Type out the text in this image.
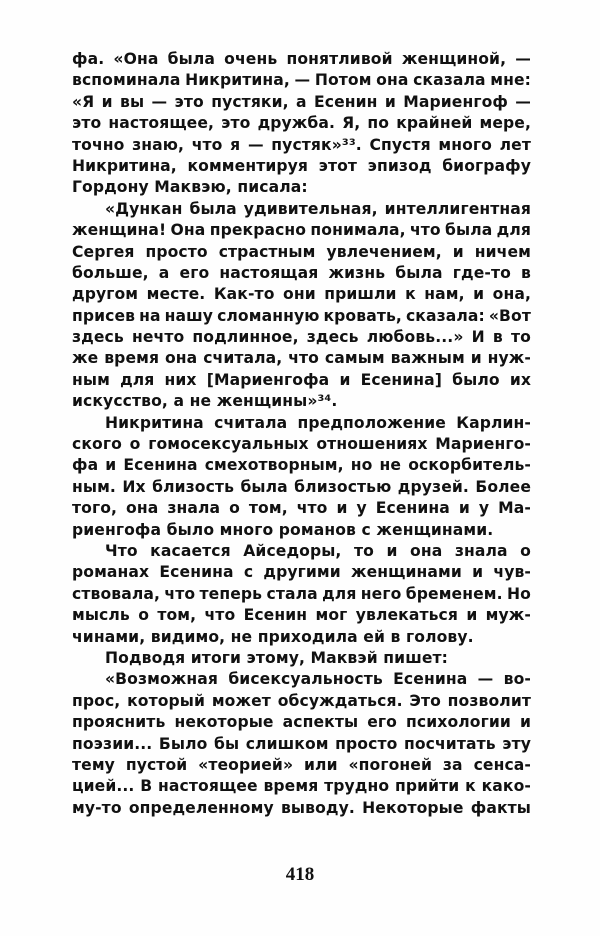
фа. «Она была очень понятливой женщиной, —
вспоминала Никритина, — Потом она сказала мне:
«Я и вы — это пустяки, а Есенин и Мариенгоф —
это настоящее, это дружба. Я, по крайней мере,
точно знаю, что я — пустяк»³³. Спустя много лет
Никритина, комментируя этот эпизод биографу
Гордону Маквэю, писала:
«Дункан была удивительная, интеллигентная
женщина! Она прекрасно понимала, что была для
Сергея просто страстным увлечением, и ничем
больше, а его настоящая жизнь была где-то в
другом месте. Как-то они пришли к нам, и она,
присев на нашу сломанную кровать, сказала: «Вот
здесь нечто подлинное, здесь любовь...» И в то
же время она считала, что самым важным и нуж-
ным для них [Мариенгофа и Есенина] было их
искусство, а не женщины»³⁴.
Никритина считала предположение Карлин-
ского о гомосексуальных отношениях Мариенго-
фа и Есенина смехотворным, но не оскорбитель-
ным. Их близость была близостью друзей. Более
того, она знала о том, что и у Есенина и у Ма-
риенгофа было много романов с женщинами.
Что касается Айседоры, то и она знала о
романах Есенина с другими женщинами и чув-
ствовала, что теперь стала для него бременем. Но
мысль о том, что Есенин мог увлекаться и муж-
чинами, видимо, не приходила ей в голову.
Подводя итоги этому, Маквэй пишет:
«Возможная бисексуальность Есенина — во-
прос, который может обсуждаться. Это позволит
прояснить некоторые аспекты его психологии и
поэзии... Было бы слишком просто посчитать эту
тему пустой «теорией» или «погоней за сенса-
цией... В настоящее время трудно прийти к како-
му-то определенному выводу. Некоторые факты
418
